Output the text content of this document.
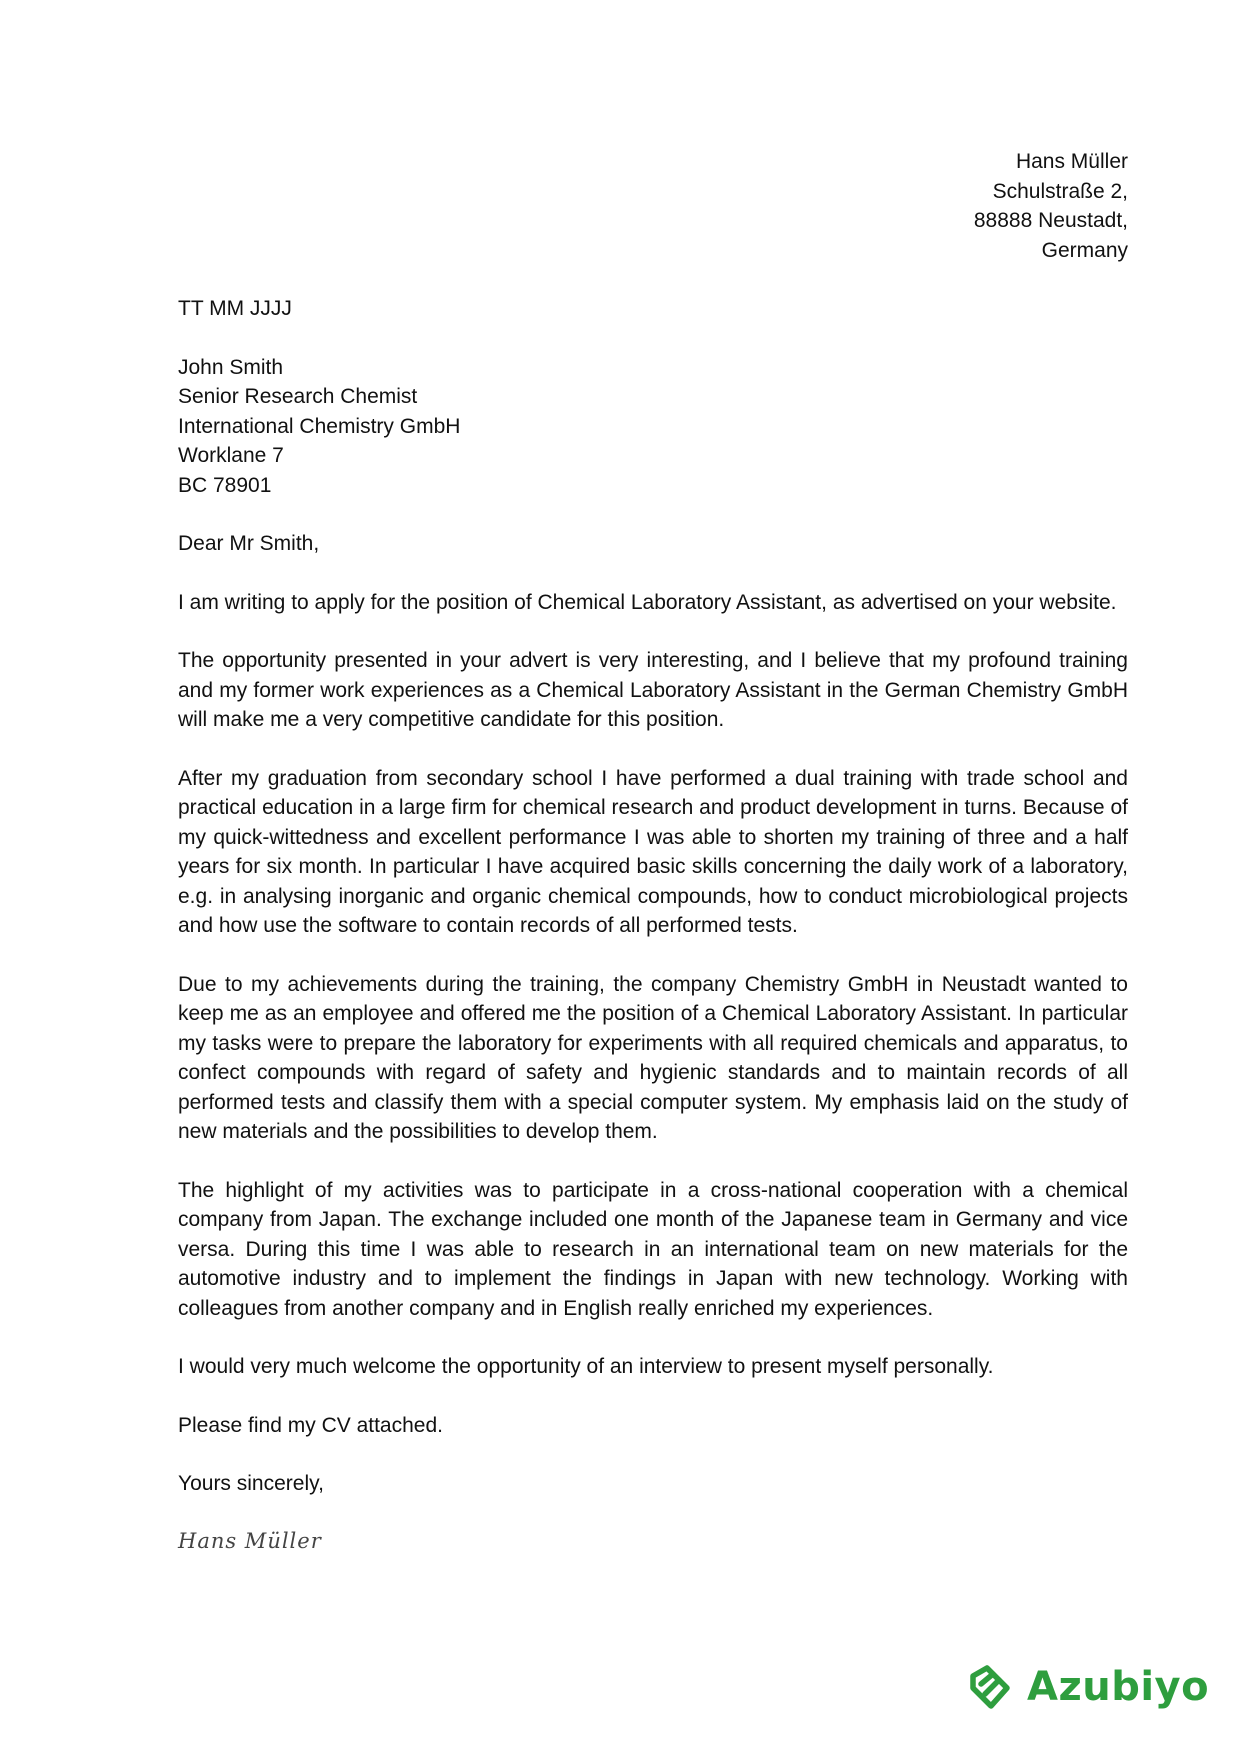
Hans Müller
Schulstraße 2,
88888 Neustadt,
Germany
TT MM JJJJ
John Smith
Senior Research Chemist
International Chemistry GmbH
Worklane 7
BC 78901
Dear Mr Smith,
I am writing to apply for the position of Chemical Laboratory Assistant, as advertised on your website.
The opportunity presented in your advert is very interesting, and I believe that my profound training and my former work experiences as a Chemical Laboratory Assistant in the German Chemistry GmbH will make me a very competitive candidate for this position.
After my graduation from secondary school I have performed a dual training with trade school and practical education in a large firm for chemical research and product development in turns. Because of my quick-wittedness and excellent performance I was able to shorten my training of three and a half years for six month. In particular I have acquired basic skills concerning the daily work of a laboratory, e.g. in analysing inorganic and organic chemical compounds, how to conduct microbiological projects and how use the software to contain records of all performed tests.
Due to my achievements during the training, the company Chemistry GmbH in Neustadt wanted to keep me as an employee and offered me the position of a Chemical Laboratory Assistant. In particular my tasks were to prepare the laboratory for experiments with all required chemicals and apparatus, to confect compounds with regard of safety and hygienic standards and to maintain records of all performed tests and classify them with a special computer system. My emphasis laid on the study of new materials and the possibilities to develop them.
The highlight of my activities was to participate in a cross-national cooperation with a chemical company from Japan. The exchange included one month of the Japanese team in Germany and vice versa. During this time I was able to research in an international team on new materials for the automotive industry and to implement the findings in Japan with new technology. Working with colleagues from another company and in English really enriched my experiences.
I would very much welcome the opportunity of an interview to present myself personally.
Please find my CV attached.
Yours sincerely,
Hans Müller
Azubiyo
